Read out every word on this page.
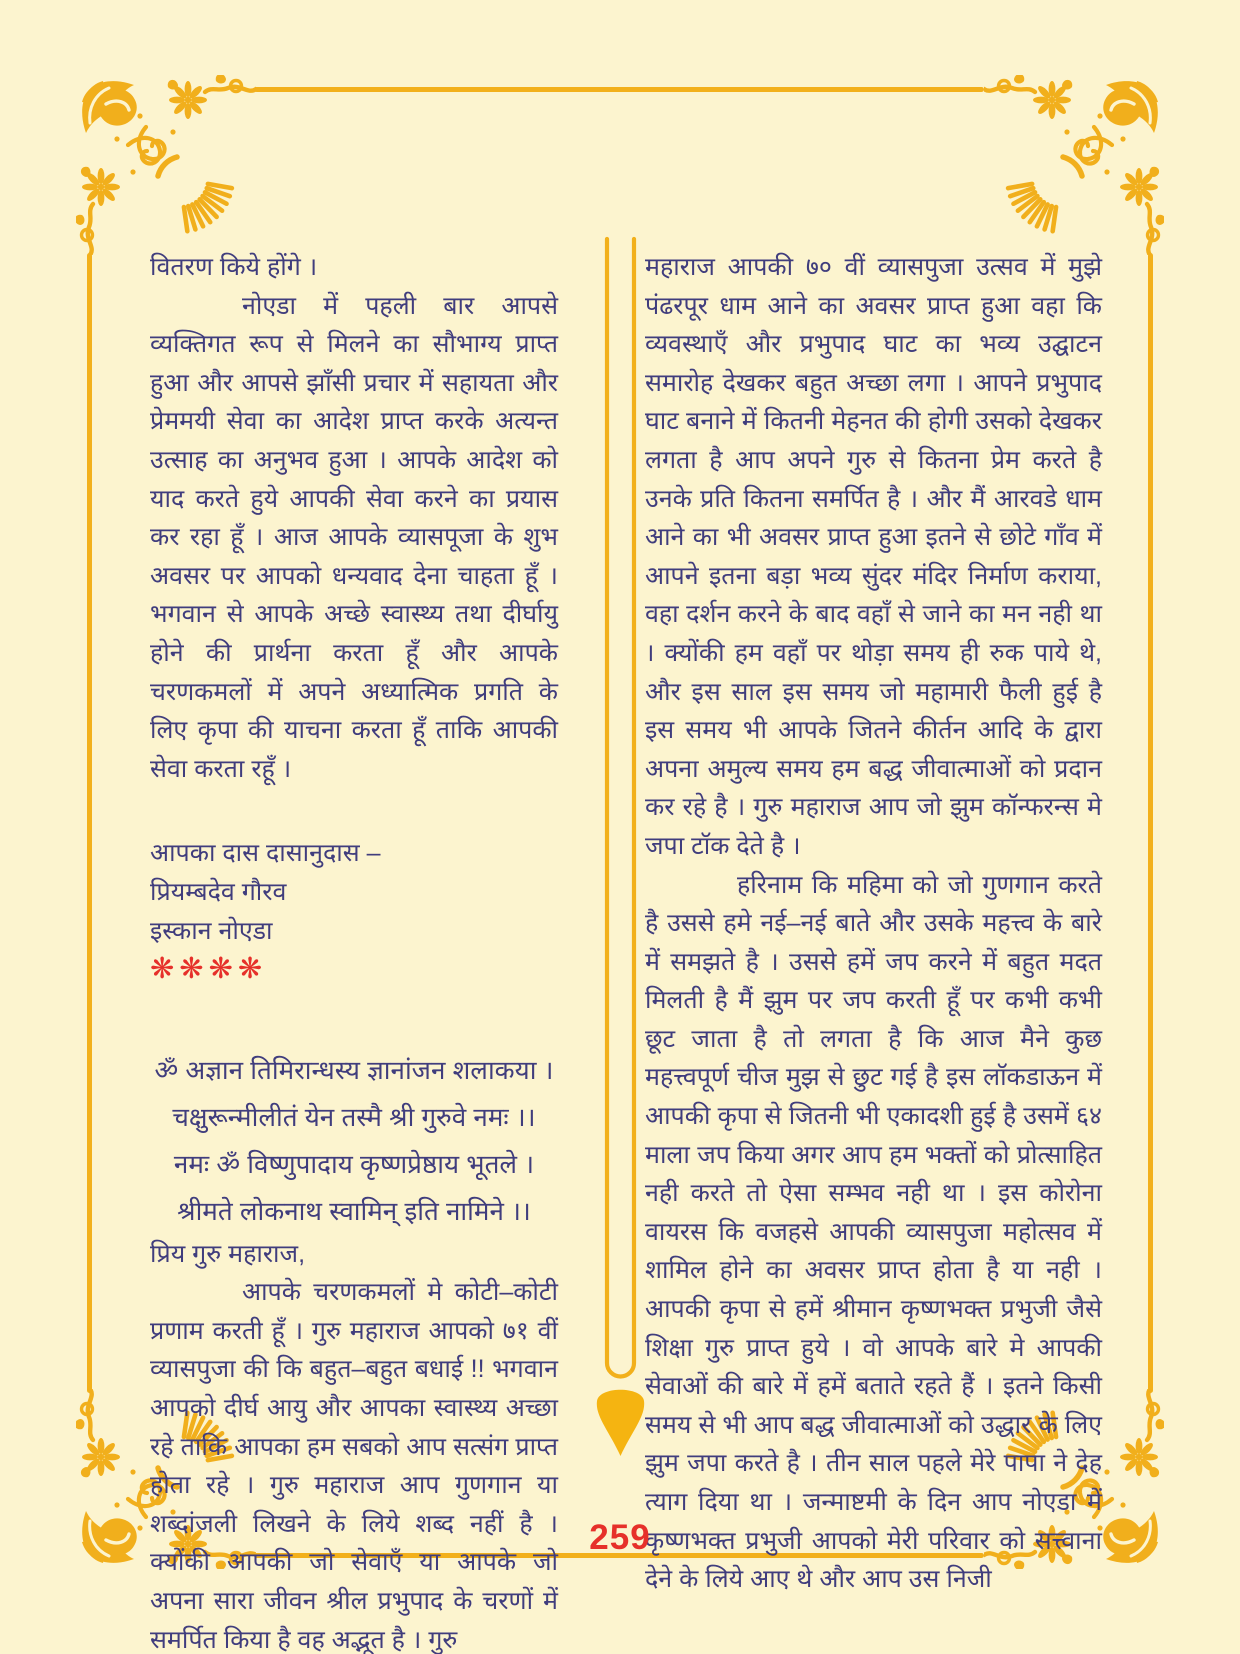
वितरण किये होंगे ।

नोएडा में पहली बार आपसे व्यक्तिगत रूप से मिलने का सौभाग्य प्राप्त हुआ और आपसे झाँसी प्रचार में सहायता और प्रेममयी सेवा का आदेश प्राप्त करके अत्यन्त उत्साह का अनुभव हुआ । आपके आदेश को याद करते हुये आपकी सेवा करने का प्रयास कर रहा हूँ । आज आपके व्यासपूजा के शुभ अवसर पर आपको धन्यवाद देना चाहता हूँ । भगवान से आपके अच्छे स्वास्थ्य तथा दीर्घायु होने की प्रार्थना करता हूँ और आपके चरणकमलों में अपने अध्यात्मिक प्रगति के लिए कृपा की याचना करता हूँ ताकि आपकी सेवा करता रहूँ ।

आपका दास दासानुदास –

प्रियम्बदेव गौरव

इस्कान नोएडा

❋❋❋❋

ॐ अज्ञान तिमिरान्धस्य ज्ञानांजन शलाकया ।

चक्षुरून्मीलीतं येन तस्मै श्री गुरुवे नमः ।।

नमः ॐ विष्णुपादाय कृष्णप्रेष्ठाय भूतले ।

श्रीमते लोकनाथ स्वामिन् इति नामिने ।।

प्रिय गुरु महाराज,

आपके चरणकमलों मे कोटी–कोटी प्रणाम करती हूँ । गुरु महाराज आपको ७१ वीं व्यासपुजा की कि बहुत–बहुत बधाई !! भगवान आपको दीर्घ आयु और आपका स्वास्थ्य अच्छा रहे ताकि आपका हम सबको आप सत्संग प्राप्त होता रहे । गुरु महाराज आप गुणगान या शब्दांजली लिखने के लिये शब्द नहीं है । क्योंकी आपकी जो सेवाएँ या आपके जो अपना सारा जीवन श्रील प्रभुपाद के चरणों में समर्पित किया है वह अद्भूत है । गुरु

महाराज आपकी ७० वीं व्यासपुजा उत्सव में मुझे पंढरपूर धाम आने का अवसर प्राप्त हुआ वहा कि व्यवस्थाएँ और प्रभुपाद घाट का भव्य उद्घाटन समारोह देखकर बहुत अच्छा लगा । आपने प्रभुपाद घाट बनाने में कितनी मेहनत की होगी उसको देखकर लगता है आप अपने गुरु से कितना प्रेम करते है उनके प्रति कितना समर्पित है । और मैं आरवडे धाम आने का भी अवसर प्राप्त हुआ इतने से छोटे गाँव में आपने इतना बड़ा भव्य सुंदर मंदिर निर्माण कराया, वहा दर्शन करने के बाद वहाँ से जाने का मन नही था । क्योंकी हम वहाँ पर थोड़ा समय ही रुक पाये थे, और इस साल इस समय जो महामारी फैली हुई है इस समय भी आपके जितने कीर्तन आदि के द्वारा अपना अमुल्य समय हम बद्ध जीवात्माओं को प्रदान कर रहे है । गुरु महाराज आप जो झुम कॉन्फरन्स मे जपा टॉक देते है ।

हरिनाम कि महिमा को जो गुणगान करते है उससे हमे नई–नई बाते और उसके महत्त्व के बारे में समझते है । उससे हमें जप करने में बहुत मदत मिलती है मैं झुम पर जप करती हूँ पर कभी कभी छूट जाता है तो लगता है कि आज मैने कुछ महत्त्वपूर्ण चीज मुझ से छुट गई है इस लॉकडाऊन में आपकी कृपा से जितनी भी एकादशी हुई है उसमें ६४ माला जप किया अगर आप हम भक्तों को प्रोत्साहित नही करते तो ऐसा सम्भव नही था । इस कोरोना वायरस कि वजहसे आपकी व्यासपुजा महोत्सव में शामिल होने का अवसर प्राप्त होता है या नही । आपकी कृपा से हमें श्रीमान कृष्णभक्त प्रभुजी जैसे शिक्षा गुरु प्राप्त हुये । वो आपके बारे मे आपकी सेवाओं की बारे में हमें बताते रहते हैं । इतने किसी समय से भी आप बद्ध जीवात्माओं को उद्धार के लिए झुम जपा करते है । तीन साल पहले मेरे पापा ने देह त्याग दिया था । जन्माष्टमी के दिन आप नोएडा में कृष्णभक्त प्रभुजी आपको मेरी परिवार को सत्त्वाना देने के लिये आए थे और आप उस निजी

259
